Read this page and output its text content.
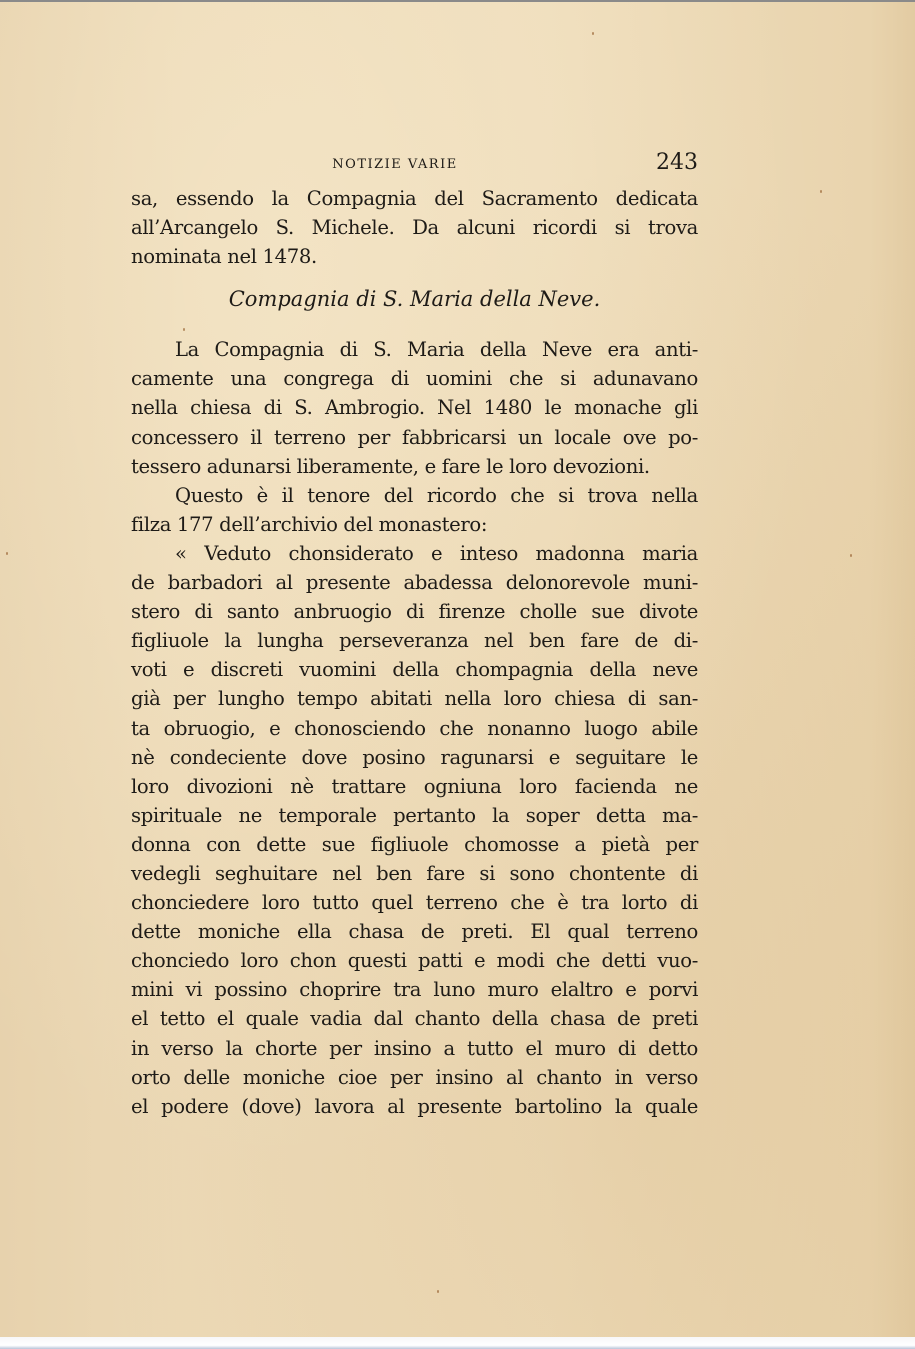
NOTIZIE VARIE	243
sa, essendo la Compagnia del Sacramento dedicata
all’Arcangelo S. Michele. Da alcuni ricordi si trova
nominata nel 1478.
Compagnia di S. Maria della Neve.
La Compagnia di S. Maria della Neve era anti-
camente una congrega di uomini che si adunavano
nella chiesa di S. Ambrogio. Nel 1480 le monache gli
concessero il terreno per fabbricarsi un locale ove po-
tessero adunarsi liberamente, e fare le loro devozioni.
Questo è il tenore del ricordo che si trova nella
filza 177 dell’archivio del monastero:
« Veduto chonsiderato e inteso madonna maria
de barbadori al presente abadessa delonorevole muni-
stero di santo anbruogio di firenze cholle sue divote
figliuole la lungha perseveranza nel ben fare de di-
voti e discreti vuomini della chompagnia della neve
già per lungho tempo abitati nella loro chiesa di san-
ta obruogio, e chonosciendo che nonanno luogo abile
nè condeciente dove posino ragunarsi e seguitare le
loro divozioni nè trattare ogniuna loro facienda ne
spirituale ne temporale pertanto la soper detta ma-
donna con dette sue figliuole chomosse a pietà per
vedegli seghuitare nel ben fare si sono chontente di
chonciedere loro tutto quel terreno che è tra lorto di
dette moniche ella chasa de preti. El qual terreno
chonciedo loro chon questi patti e modi che detti vuo-
mini vi possino choprire tra luno muro elaltro e porvi
el tetto el quale vadia dal chanto della chasa de preti
in verso la chorte per insino a tutto el muro di detto
orto delle moniche cioe per insino al chanto in verso
el podere (dove) lavora al presente bartolino la quale
